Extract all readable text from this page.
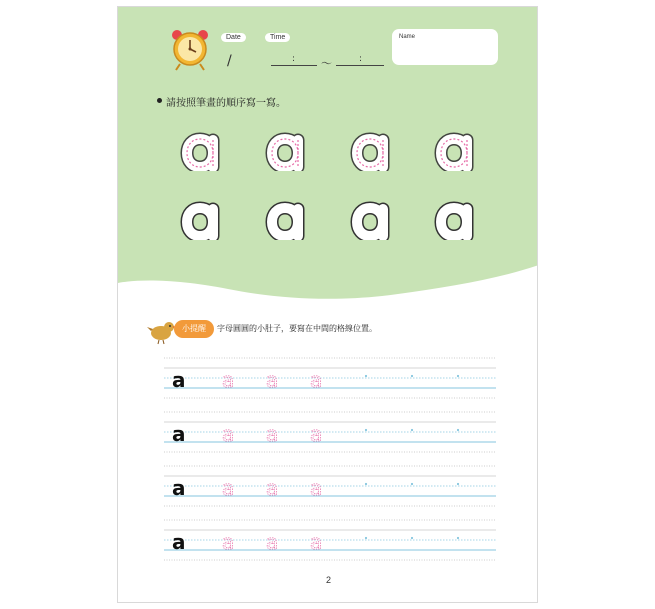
Date
/
Time
: ～	:
Name
請按照筆畫的順序寫一寫。
小提醒	字母圓圓的小肚子，要寫在中間的格線位置。
a a a a
a a a a
a a a a
a a a a
2
